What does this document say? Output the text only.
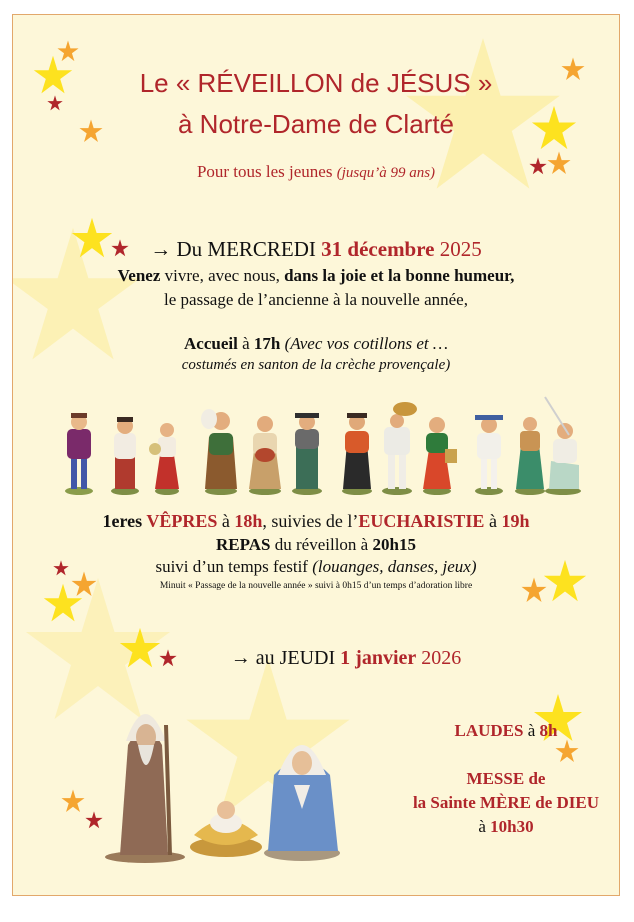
Le « RÉVEILLON de JÉSUS »
à Notre-Dame de Clarté
Pour tous les jeunes (jusqu’à 99 ans)
→ Du MERCREDI 31 décembre 2025
Venez vivre, avec nous, dans la joie et la bonne humeur,
le passage de l’ancienne à la nouvelle année,
Accueil à 17h (Avec vos cotillons et …
costumés en santon de la crèche provençale)
1eres VÊPRES à 18h, suivies de l’EUCHARISTIE à 19h
REPAS du réveillon à 20h15
suivi d’un temps festif (louanges, danses, jeux)
Minuit « Passage de la nouvelle année » suivi à 0h15 d’un temps d’adoration libre
→ au JEUDI 1 janvier 2026
LAUDES à 8h
MESSE de
la Sainte MÈRE de DIEU
à 10h30
